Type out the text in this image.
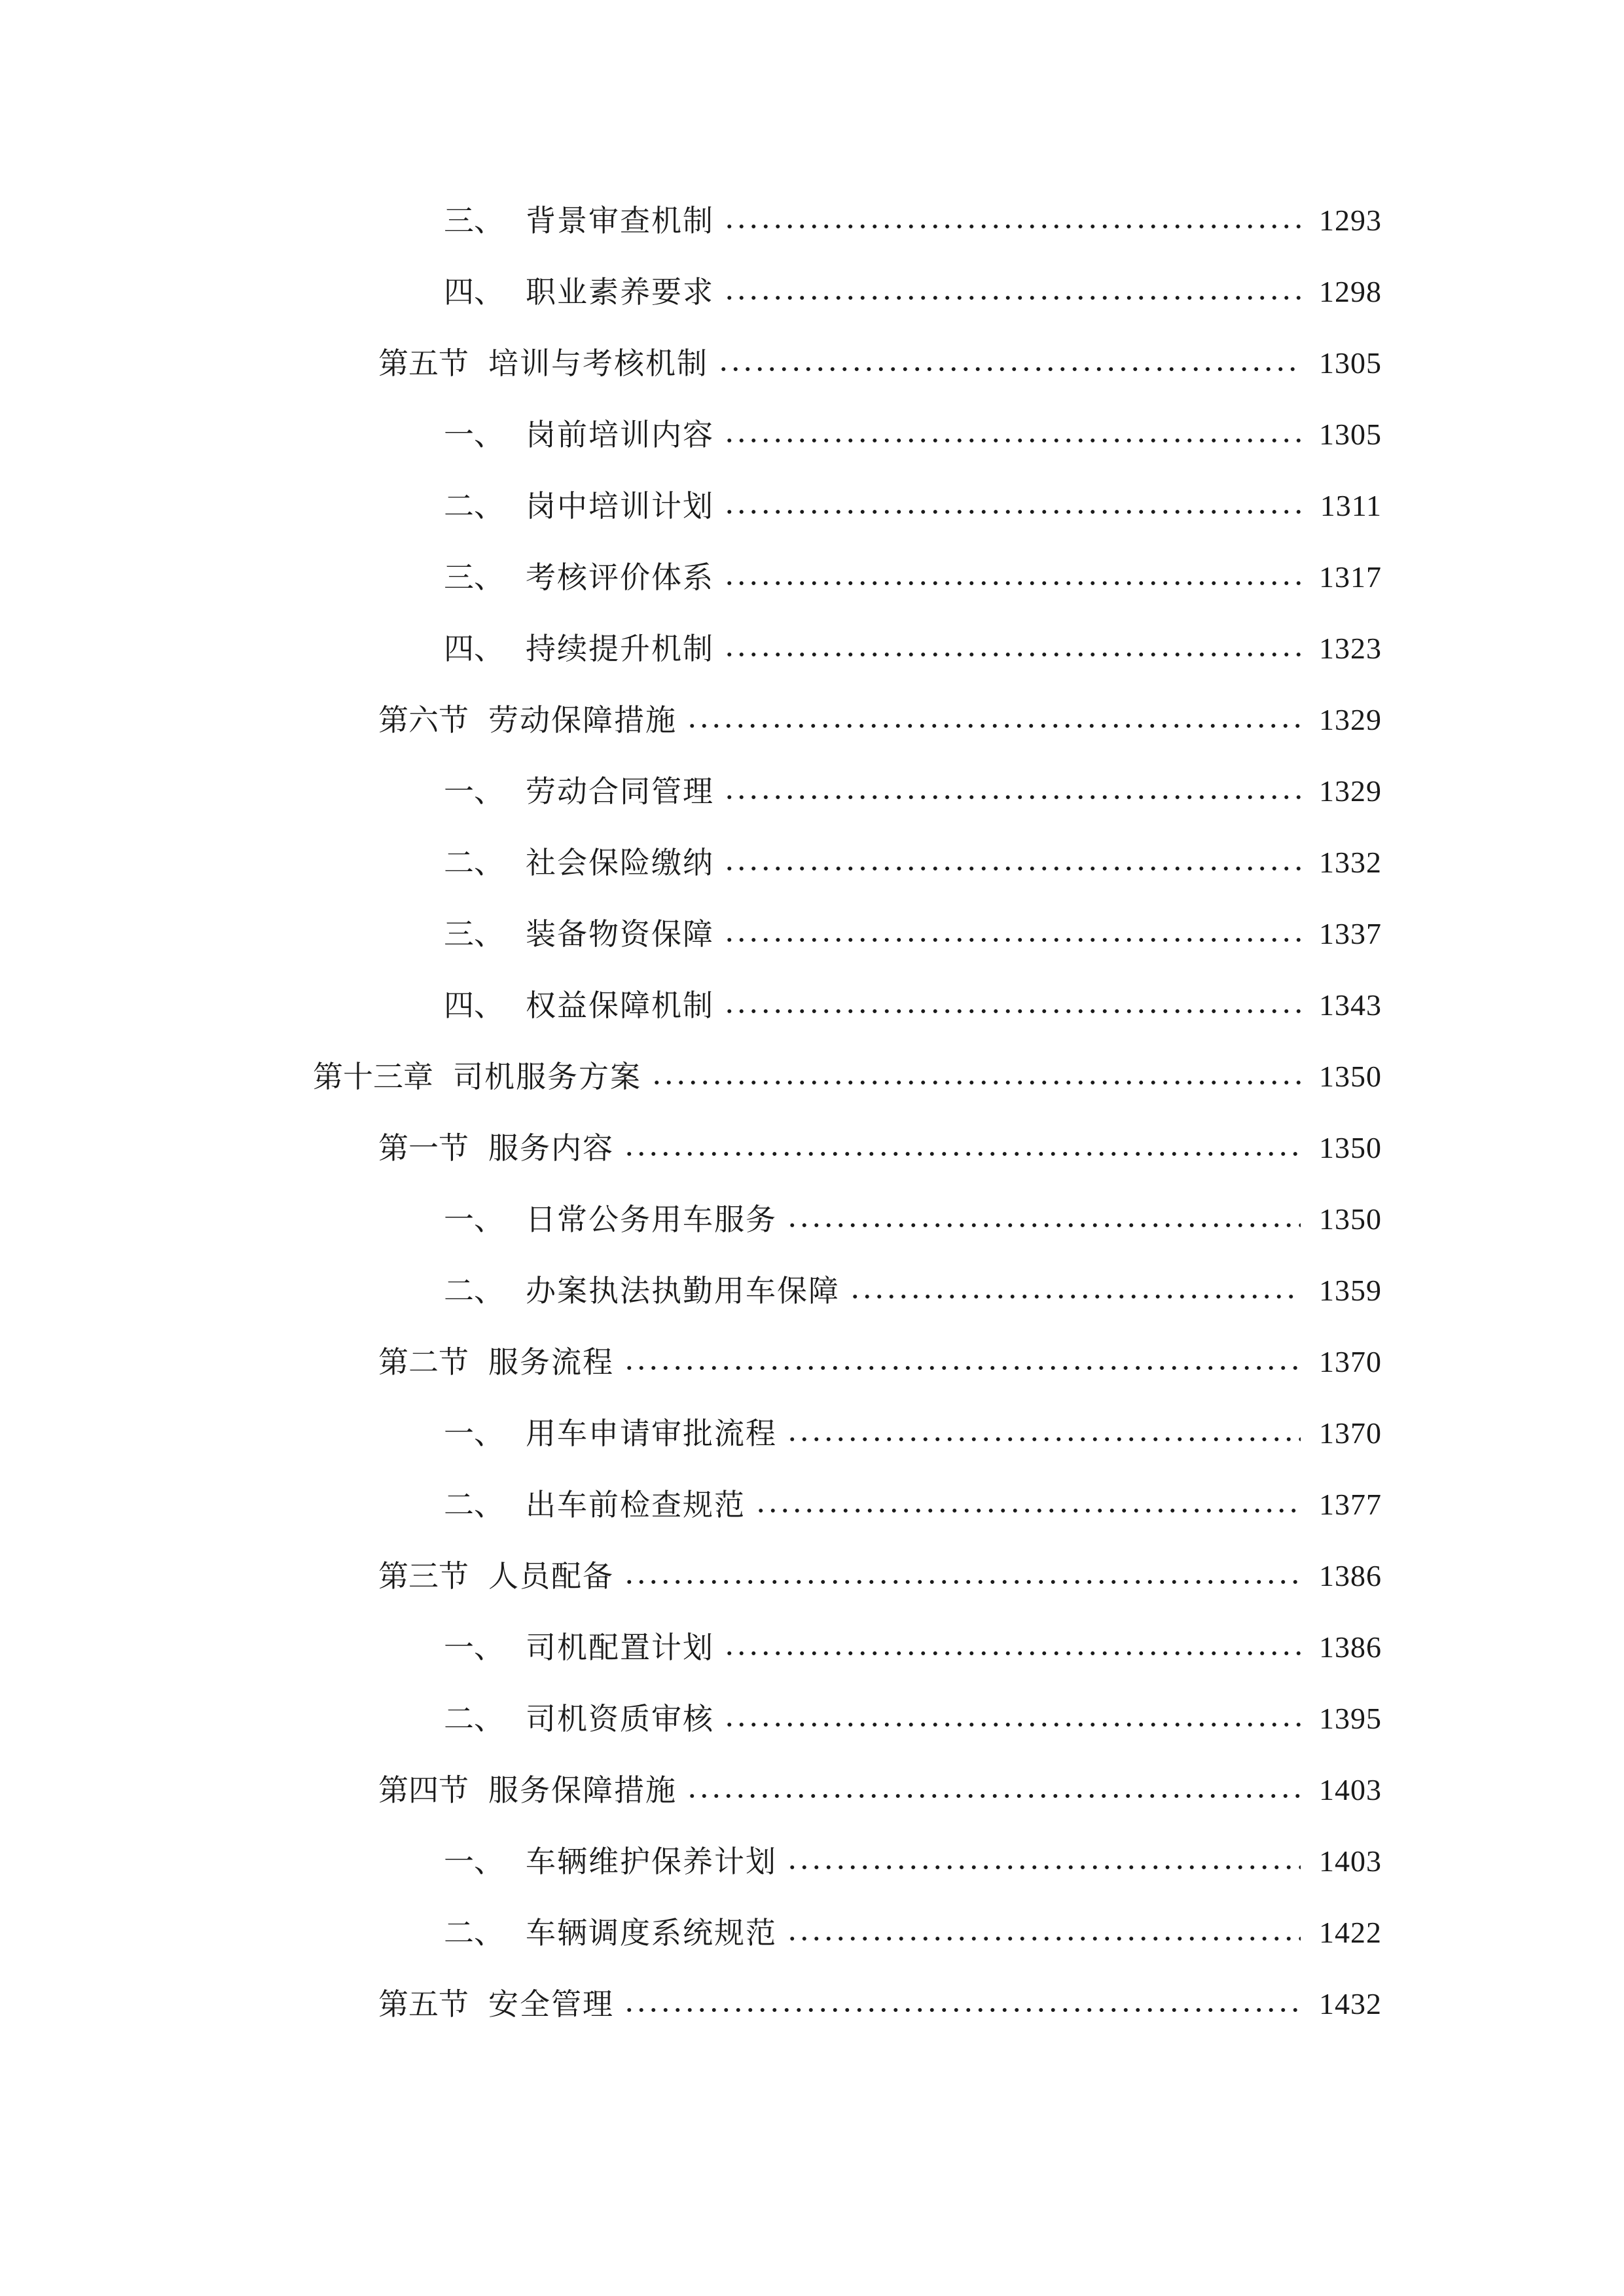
三、 背景审查机制	1293
四、 职业素养要求	1298
第五节 培训与考核机制	1305
一、 岗前培训内容	1305
二、 岗中培训计划	1311
三、 考核评价体系	1317
四、 持续提升机制	1323
第六节 劳动保障措施	1329
一、 劳动合同管理	1329
二、 社会保险缴纳	1332
三、 装备物资保障	1337
四、 权益保障机制	1343
第十三章 司机服务方案	1350
第一节 服务内容	1350
一、 日常公务用车服务	1350
二、 办案执法执勤用车保障	1359
第二节 服务流程	1370
一、 用车申请审批流程	1370
二、 出车前检查规范	1377
第三节 人员配备	1386
一、 司机配置计划	1386
二、 司机资质审核	1395
第四节 服务保障措施	1403
一、 车辆维护保养计划	1403
二、 车辆调度系统规范	1422
第五节 安全管理	1432
